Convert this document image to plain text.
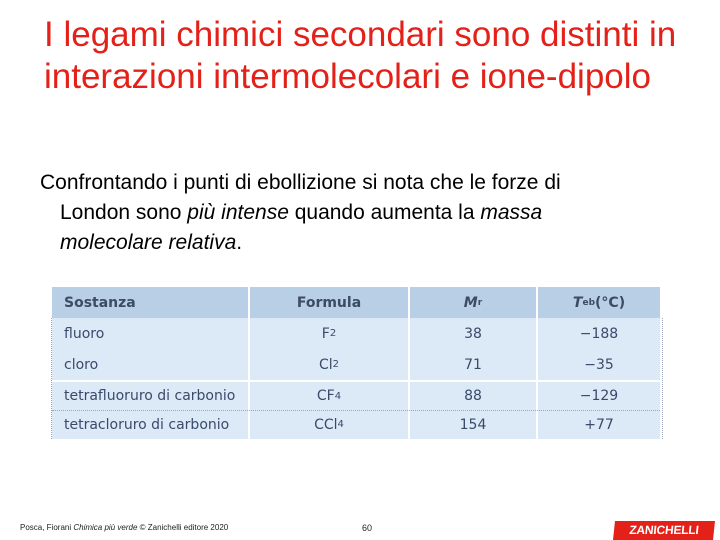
I legami chimici secondari sono distinti in interazioni intermolecolari e ione-dipolo
Confrontando i punti di ebollizione si nota che le forze di
London sono più intense quando aumenta la massa
molecolare relativa.
Sostanza	Formula	M r	T eb (°C)
fluoro	F 2	38	−188
cloro	Cl 2	71	−35
tetrafluoruro di carbonio	CF 4	88	−129
tetracloruro di carbonio	CCl 4	154	+77
Posca, Fiorani Chimica più verde © Zanichelli editore 2020	60	ZANICHELLI
